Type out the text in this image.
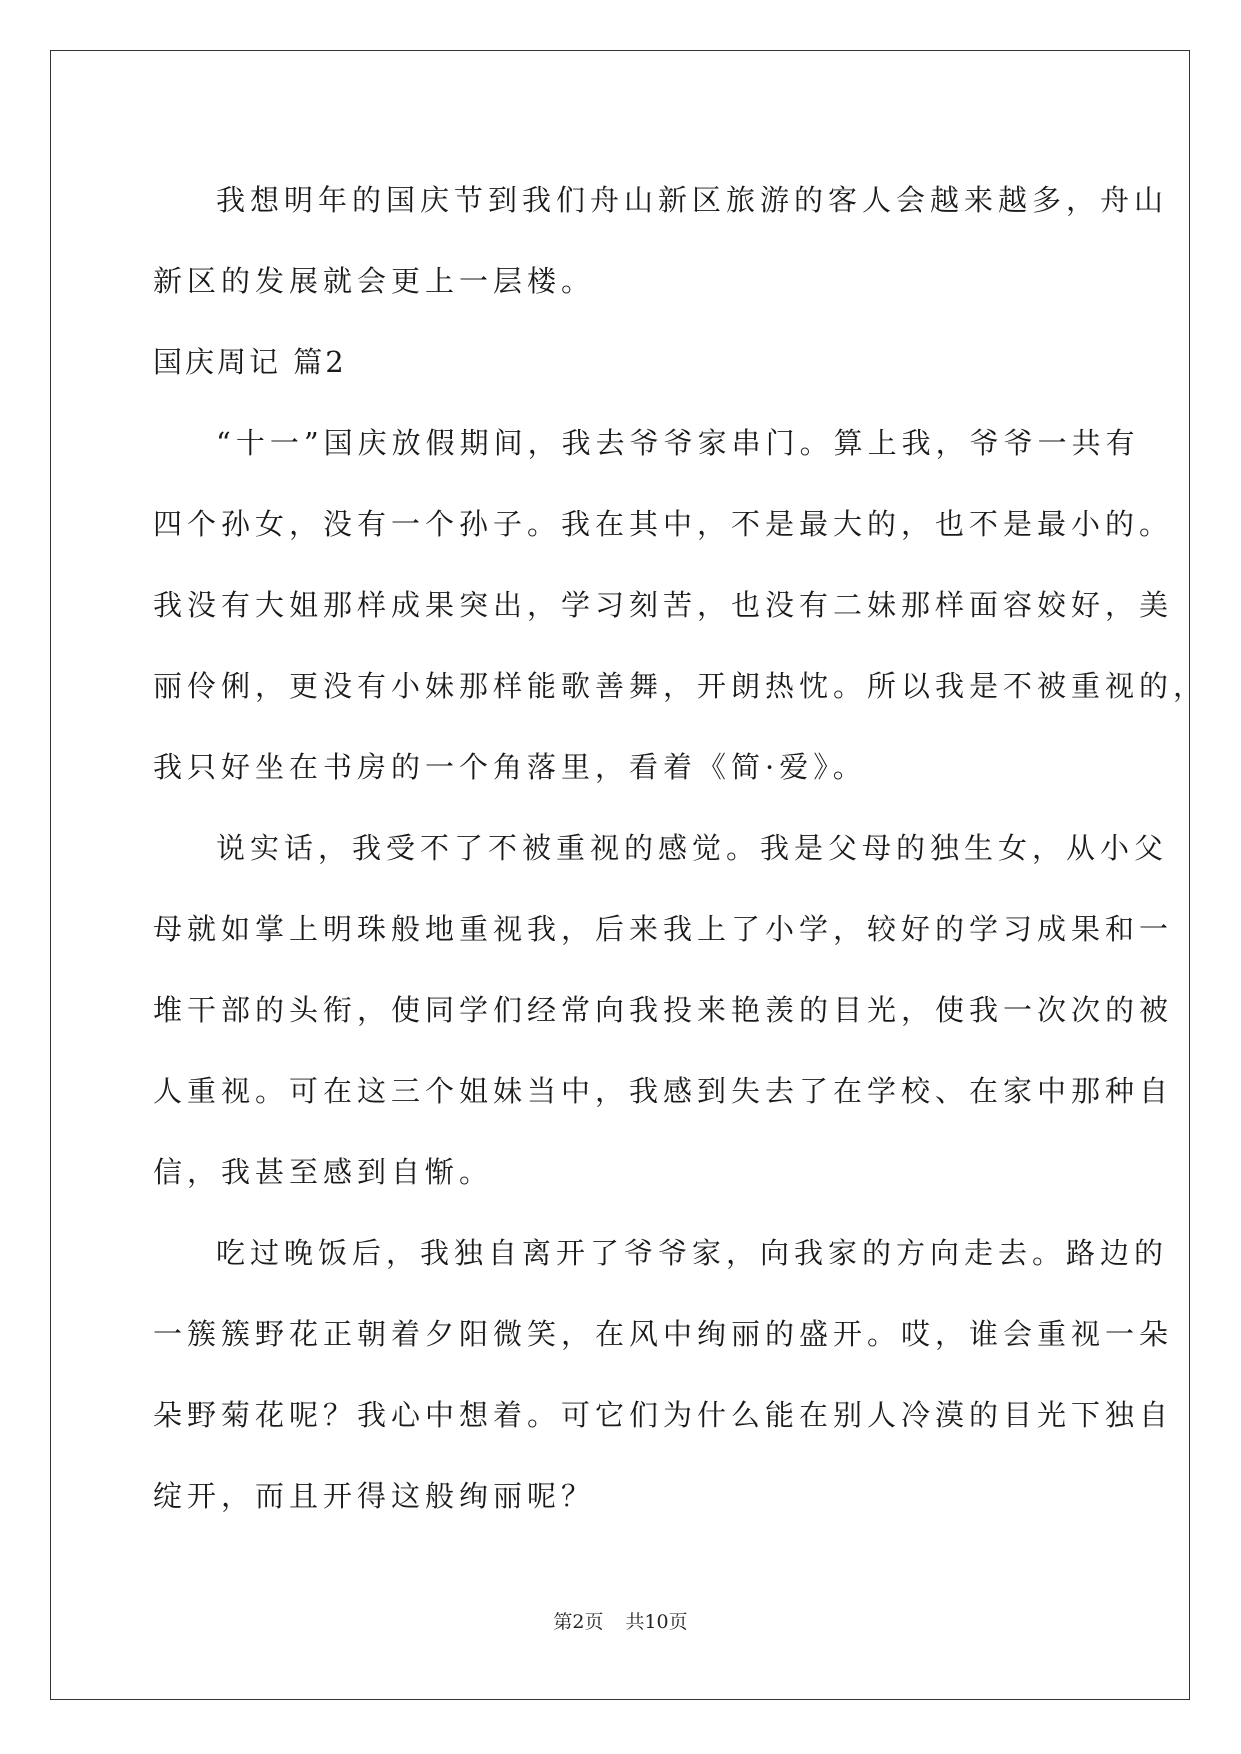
我想明年的国庆节到我们舟山新区旅游的客人会越来越多，舟山
新区的发展就会更上一层楼。
国庆周记 篇2
“十一”国庆放假期间，我去爷爷家串门。算上我，爷爷一共有
四个孙女，没有一个孙子。我在其中，不是最大的，也不是最小的。
我没有大姐那样成果突出，学习刻苦，也没有二妹那样面容姣好，美
丽伶俐，更没有小妹那样能歌善舞，开朗热忱。所以我是不被重视的，
我只好坐在书房的一个角落里，看着《简·爱》。
说实话，我受不了不被重视的感觉。我是父母的独生女，从小父
母就如掌上明珠般地重视我，后来我上了小学，较好的学习成果和一
堆干部的头衔，使同学们经常向我投来艳羡的目光，使我一次次的被
人重视。可在这三个姐妹当中，我感到失去了在学校、在家中那种自
信，我甚至感到自惭。
吃过晚饭后，我独自离开了爷爷家，向我家的方向走去。路边的
一簇簇野花正朝着夕阳微笑，在风中绚丽的盛开。哎，谁会重视一朵
朵野菊花呢？我心中想着。可它们为什么能在别人冷漠的目光下独自
绽开，而且开得这般绚丽呢？
第2页 共10页
